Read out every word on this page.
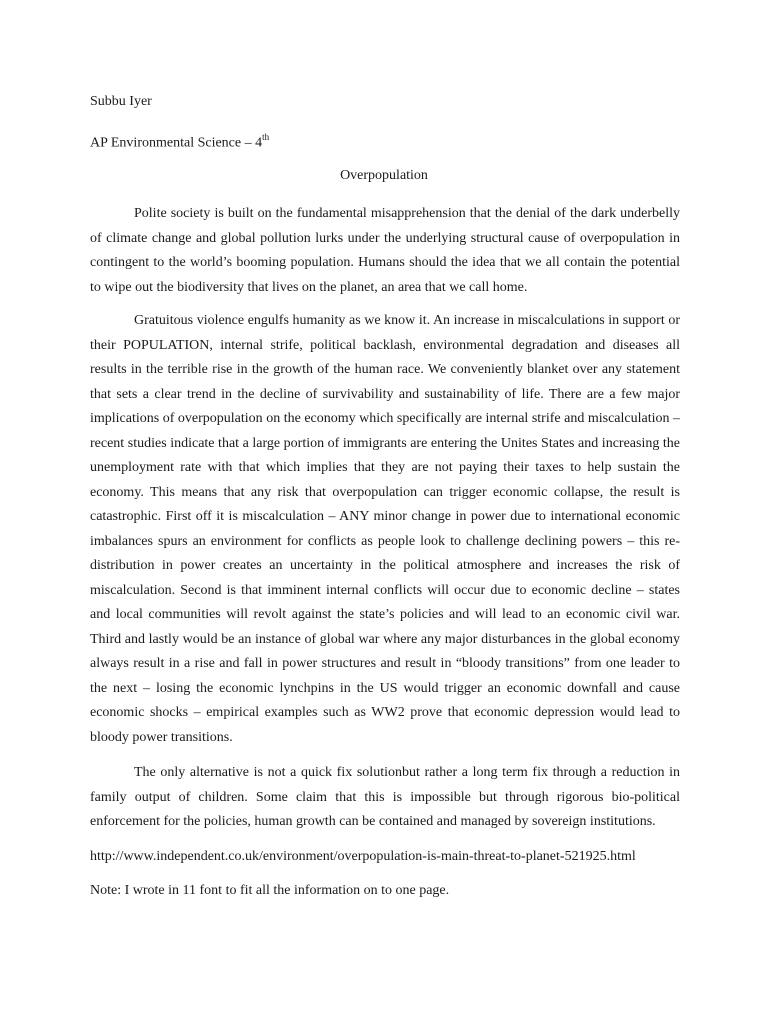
Subbu Iyer
AP Environmental Science – 4th
Overpopulation

Polite society is built on the fundamental misapprehension that the denial of the dark underbelly of climate change and global pollution lurks under the underlying structural cause of overpopulation in contingent to the world’s booming population. Humans should the idea that we all contain the potential to wipe out the biodiversity that lives on the planet, an area that we call home.

Gratuitous violence engulfs humanity as we know it. An increase in miscalculations in support or their POPULATION, internal strife, political backlash, environmental degradation and diseases all results in the terrible rise in the growth of the human race. We conveniently blanket over any statement that sets a clear trend in the decline of survivability and sustainability of life. There are a few major implications of overpopulation on the economy which specifically are internal strife and miscalculation – recent studies indicate that a large portion of immigrants are entering the Unites States and increasing the unemployment rate with that which implies that they are not paying their taxes to help sustain the economy. This means that any risk that overpopulation can trigger economic collapse, the result is catastrophic. First off it is miscalculation – ANY minor change in power due to international economic imbalances spurs an environment for conflicts as people look to challenge declining powers – this re-distribution in power creates an uncertainty in the political atmosphere and increases the risk of miscalculation. Second is that imminent internal conflicts will occur due to economic decline – states and local communities will revolt against the state’s policies and will lead to an economic civil war. Third and lastly would be an instance of global war where any major disturbances in the global economy always result in a rise and fall in power structures and result in “bloody transitions” from one leader to the next – losing the economic lynchpins in the US would trigger an economic downfall and cause economic shocks – empirical examples such as WW2 prove that economic depression would lead to bloody power transitions.

The only alternative is not a quick fix solutionbut rather a long term fix through a reduction in family output of children. Some claim that this is impossible but through rigorous bio-political enforcement for the policies, human growth can be contained and managed by sovereign institutions.

http://www.independent.co.uk/environment/overpopulation-is-main-threat-to-planet-521925.html
Note: I wrote in 11 font to fit all the information on to one page.
